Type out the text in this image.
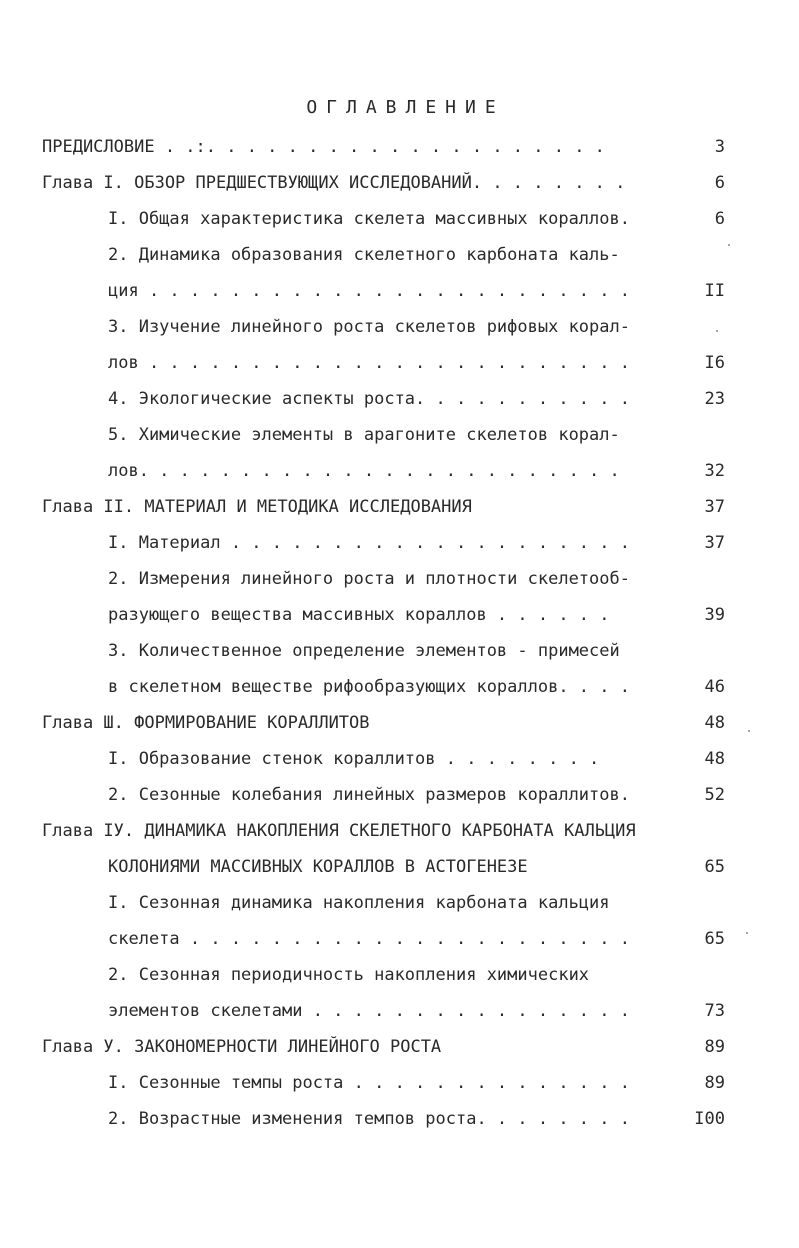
ОГЛАВЛЕНИЕ
ПРЕДИСЛОВИЕ . .:. . . . . . . . . . . . . . . . . . . .	3
Глава I. ОБЗОР ПРЕДШЕСТВУЮЩИХ ИССЛЕДОВАНИЙ. . . . . . . .	6
I. Общая характеристика скелета массивных кораллов.	6
2. Динамика образования скелетного карбоната каль-
ция . . . . . . . . . . . . . . . . . . . . . . . .	II
3. Изучение линейного роста скелетов рифовых корал-
лов . . . . . . . . . . . . . . . . . . . . . . . .	I6
4. Экологические аспекты роста. . . . . . . . . . .	23
5. Химические элементы в арагоните скелетов корал-
лов. . . . . . . . . . . . . . . . . . . . . . . .	32
Глава II. МАТЕРИАЛ И МЕТОДИКА ИССЛЕДОВАНИЯ	37
I. Материал . . . . . . . . . . . . . . . . . . . .	37
2. Измерения линейного роста и плотности скелетооб-
разующего вещества массивных кораллов . . . . . .	39
3. Количественное определение элементов - примесей
в скелетном веществе рифообразующих кораллов. . . .	46
Глава Ш. ФОРМИРОВАНИЕ КОРАЛЛИТОВ	48
I. Образование стенок кораллитов . . . . . . . .	48
2. Сезонные колебания линейных размеров кораллитов.	52
Глава IУ. ДИНАМИКА НАКОПЛЕНИЯ СКЕЛЕТНОГО КАРБОНАТА КАЛЬЦИЯ
КОЛОНИЯМИ МАССИВНЫХ КОРАЛЛОВ В АСТОГЕНЕЗЕ	65
I. Сезонная динамика накопления карбоната кальция
скелета . . . . . . . . . . . . . . . . . . . . . .	65
2. Сезонная периодичность накопления химических
элементов скелетами . . . . . . . . . . . . . . . .	73
Глава У. ЗАКОНОМЕРНОСТИ ЛИНЕЙНОГО РОСТА	89
I. Сезонные темпы роста . . . . . . . . . . . . . .	89
2. Возрастные изменения темпов роста. . . . . . . .	I00
